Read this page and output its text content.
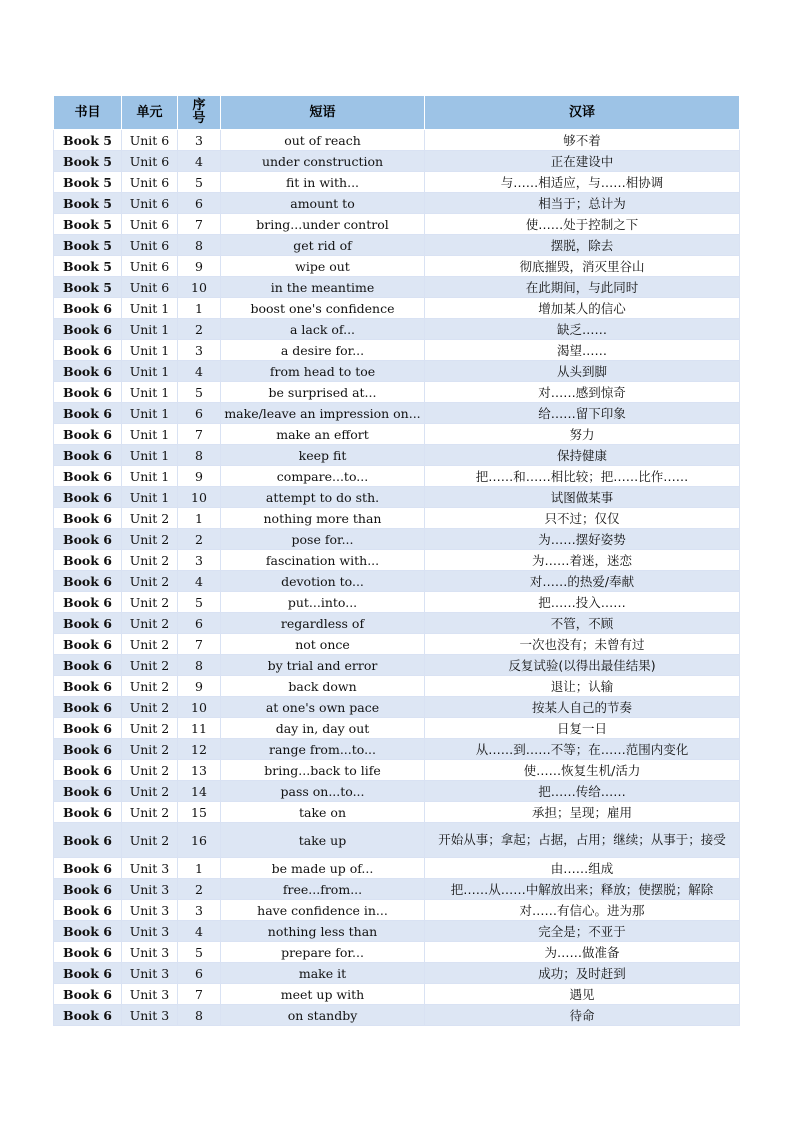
书目	单元	序号	短语	汉译
Book 5	Unit 6	3	out of reach	够不着
Book 5	Unit 6	4	under construction	正在建设中
Book 5	Unit 6	5	fit in with...	与……相适应，与……相协调
Book 5	Unit 6	6	amount to	相当于；总计为
Book 5	Unit 6	7	bring...under control	使……处于控制之下
Book 5	Unit 6	8	get rid of	摆脱，除去
Book 5	Unit 6	9	wipe out	彻底摧毁，消灭里谷山
Book 5	Unit 6	10	in the meantime	在此期间，与此同时
Book 6	Unit 1	1	boost one's confidence	增加某人的信心
Book 6	Unit 1	2	a lack of...	缺乏……
Book 6	Unit 1	3	a desire for...	渴望……
Book 6	Unit 1	4	from head to toe	从头到脚
Book 6	Unit 1	5	be surprised at...	对……感到惊奇
Book 6	Unit 1	6	make/leave an impression on...	给……留下印象
Book 6	Unit 1	7	make an effort	努力
Book 6	Unit 1	8	keep fit	保持健康
Book 6	Unit 1	9	compare...to...	把……和……相比较；把……比作……
Book 6	Unit 1	10	attempt to do sth.	试图做某事
Book 6	Unit 2	1	nothing more than	只不过；仅仅
Book 6	Unit 2	2	pose for...	为……摆好姿势
Book 6	Unit 2	3	fascination with...	为……着迷，迷恋
Book 6	Unit 2	4	devotion to...	对……的热爱/奉献
Book 6	Unit 2	5	put...into...	把……投入……
Book 6	Unit 2	6	regardless of	不管，不顾
Book 6	Unit 2	7	not once	一次也没有；未曾有过
Book 6	Unit 2	8	by trial and error	反复试验(以得出最佳结果)
Book 6	Unit 2	9	back down	退让；认输
Book 6	Unit 2	10	at one's own pace	按某人自己的节奏
Book 6	Unit 2	11	day in, day out	日复一日
Book 6	Unit 2	12	range from...to...	从……到……不等；在……范围内变化
Book 6	Unit 2	13	bring...back to life	使……恢复生机/活力
Book 6	Unit 2	14	pass on...to...	把……传给……
Book 6	Unit 2	15	take on	承担；呈现；雇用
Book 6	Unit 2	16	take up	开始从事；拿起；占据，占用；继续；从事于；接受
Book 6	Unit 3	1	be made up of...	由……组成
Book 6	Unit 3	2	free...from...	把……从……中解放出来；释放；使摆脱；解除
Book 6	Unit 3	3	have confidence in...	对……有信心。进为那
Book 6	Unit 3	4	nothing less than	完全是；不亚于
Book 6	Unit 3	5	prepare for...	为……做准备
Book 6	Unit 3	6	make it	成功；及时赶到
Book 6	Unit 3	7	meet up with	遇见
Book 6	Unit 3	8	on standby	待命
